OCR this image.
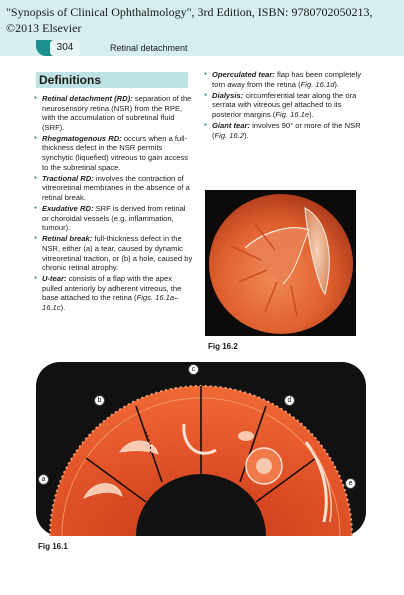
"Synopsis of Clinical Ophthalmology", 3rd Edition, ISBN: 9780702050213, ©2013 Elsevier
304	Retinal detachment
Definitions
● Retinal detachment (RD): separation of the neurosensory retina (NSR) from the RPE, with the accumulation of subretinal fluid (SRF).
● Rhegmatogenous RD: occurs when a full-thickness defect in the NSR permits synchytic (liquefied) vitreous to gain access to the subretinal space.
● Tractional RD: involves the contraction of vitreoretinal membranes in the absence of a retinal break.
● Exudative RD: SRF is derived from retinal or choroidal vessels (e.g. inflammation, tumour).
● Retinal break: full-thickness defect in the NSR, either (a) a tear, caused by dynamic vitreoretinal traction, or (b) a hole, caused by chronic retinal atrophy.
● U-tear: consists of a flap with the apex pulled anteriorly by adherent vitreous, the base attached to the retina (Figs. 16.1a–16.1c).
● Operculated tear: flap has been completely torn away from the retina (Fig. 16.1d).
● Dialysis: circumferential tear along the ora serrata with vitreous gel attached to its posterior margins (Fig. 16.1e).
● Giant tear: involves 90° or more of the NSR (Fig. 16.2).
Fig 16.2
a
b
c
d
e
Fig 16.1
